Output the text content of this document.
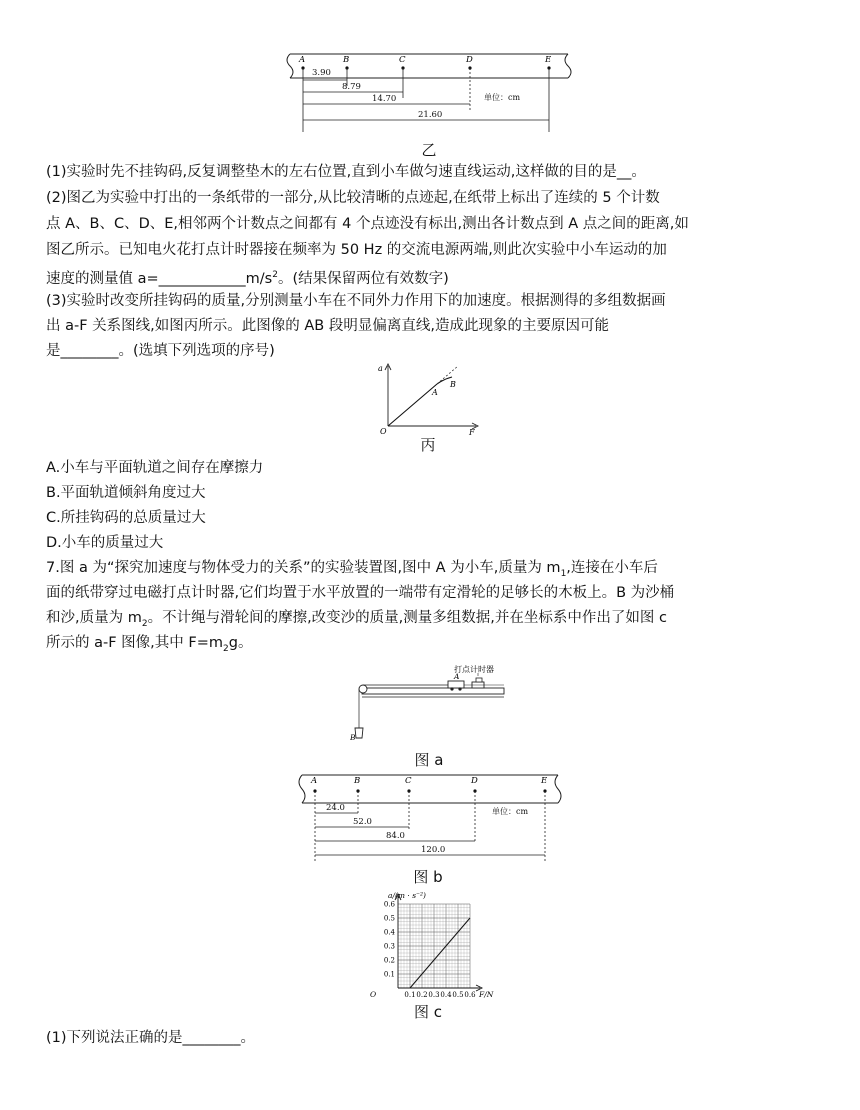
A	B	C	D	E
3.90
8.79
14.70
21.60
单位：cm
乙
(1)实验时先不挂钩码,反复调整垫木的左右位置,直到小车做匀速直线运动,这样做的目的是__。
(2)图乙为实验中打出的一条纸带的一部分,从比较清晰的点迹起,在纸带上标出了连续的 5 个计数
点 A、B、C、D、E,相邻两个计数点之间都有 4 个点迹没有标出,测出各计数点到 A 点之间的距离,如
图乙所示。已知电火花打点计时器接在频率为 50 Hz 的交流电源两端,则此次实验中小车运动的加
速度的测量值 $a=\_\_\_\_\_\_\_\_\_\_\_\_m/s^2$。(结果保留两位有效数字)
(3)实验时改变所挂钩码的质量,分别测量小车在不同外力作用下的加速度。根据测得的多组数据画
出 a-F 关系图线,如图丙所示。此图像的 AB 段明显偏离直线,造成此现象的主要原因可能
是________。(选填下列选项的序号)
a
O	F
A
B
丙
A.小车与平面轨道之间存在摩擦力
B.平面轨道倾斜角度过大
C.所挂钩码的总质量过大
D.小车的质量过大
7.图 a 为“探究加速度与物体受力的关系”的实验装置图,图中 A 为小车,质量为 $m_1$,连接在小车后
面的纸带穿过电磁打点计时器,它们均置于水平放置的一端带有定滑轮的足够长的木板上。B 为沙桶
和沙,质量为 $m_2$。不计绳与滑轮间的摩擦,改变沙的质量,测量多组数据,并在坐标系中作出了如图 c
所示的 a-F 图像,其中 $F=m_2g$。
打点计时器
A
B
图 a
A	B	C	D	E
24.0
52.0
84.0
120.0
单位：cm
图 b
0.1
0.2
0.3
0.4
0.5
0.6
0.1 0.2 0.3 0.4 0.5 0.6
a/(m · s⁻²)
F/N
O
图 c
(1)下列说法正确的是________。
